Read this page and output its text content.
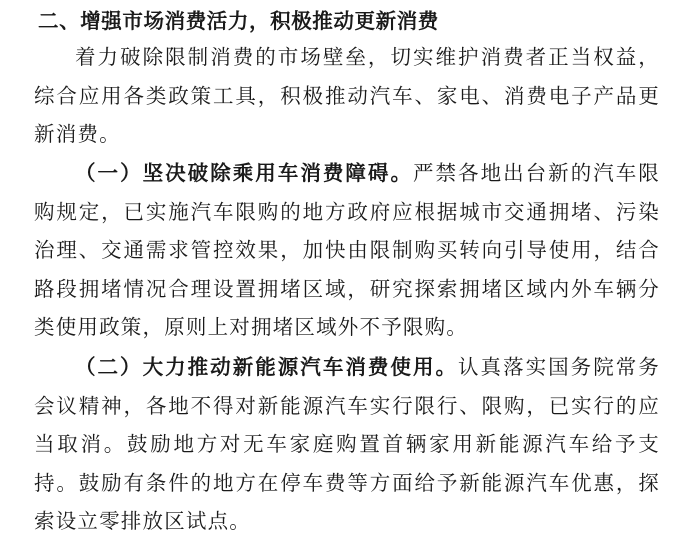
二、增强市场消费活力，积极推动更新消费

着力破除限制消费的市场壁垒，切实维护消费者正当权益，综合应用各类政策工具，积极推动汽车、家电、消费电子产品更新消费。

（一）坚决破除乘用车消费障碍。严禁各地出台新的汽车限购规定，已实施汽车限购的地方政府应根据城市交通拥堵、污染治理、交通需求管控效果，加快由限制购买转向引导使用，结合路段拥堵情况合理设置拥堵区域，研究探索拥堵区域内外车辆分类使用政策，原则上对拥堵区域外不予限购。

（二）大力推动新能源汽车消费使用。认真落实国务院常务会议精神，各地不得对新能源汽车实行限行、限购，已实行的应当取消。鼓励地方对无车家庭购置首辆家用新能源汽车给予支持。鼓励有条件的地方在停车费等方面给予新能源汽车优惠，探索设立零排放区试点。
